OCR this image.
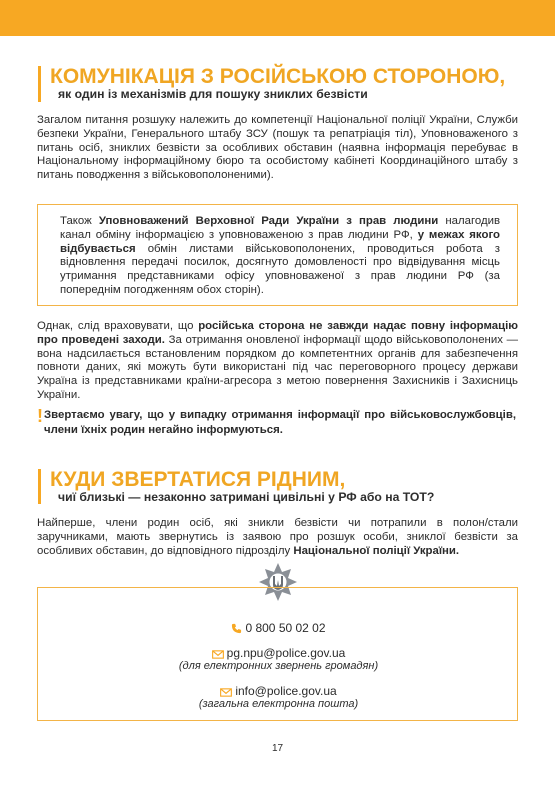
КОМУНІКАЦІЯ З РОСІЙСЬКОЮ СТОРОНОЮ,
як один із механізмів для пошуку зниклих безвісти

Загалом питання розшуку належить до компетенції Національної поліції України, Служби безпеки України, Генерального штабу ЗСУ (пошук та репатріація тіл), Уповноваженого з питань осіб, зниклих безвісти за особливих обставин (наявна інформація перебуває в Національному інформаційному бюро та особистому кабінеті Координаційного штабу з питань поводження з військовополоненими).

Також Уповноважений Верховної Ради України з прав людини налагодив канал обміну інформацією з уповноваженою з прав людини РФ, у межах якого відбувається обмін листами військовополонених, проводиться робота з відновлення передачі посилок, досягнуто домовленості про відвідування місць утримання представниками офісу уповноваженої з прав людини РФ (за попереднім погодженням обох сторін).

Однак, слід враховувати, що російська сторона не завжди надає повну інформацію про проведені заходи. За отримання оновленої інформації щодо військовополонених — вона надсилається встановленим порядком до компетентних органів для забезпечення повноти даних, які можуть бути використані під час переговорного процесу держави Україна із представниками країни-агресора з метою повернення Захисників і Захисниць України.

! Звертаємо увагу, що у випадку отримання інформації про військовослужбовців, члени їхніх родин негайно інформуються.

КУДИ ЗВЕРТАТИСЯ РІДНИМ,
чиї близькі — незаконно затримані цивільні у РФ або на ТОТ?

Найперше, члени родин осіб, які зникли безвісти чи потрапили в полон/стали заручниками, мають звернутись із заявою про розшук особи, зниклої безвісти за особливих обставин, до відповідного підрозділу Національної поліції України.

0 800 50 02 02
pg.npu@police.gov.ua
(для електронних звернень громадян)
info@police.gov.ua
(загальна електронна пошта)
17
